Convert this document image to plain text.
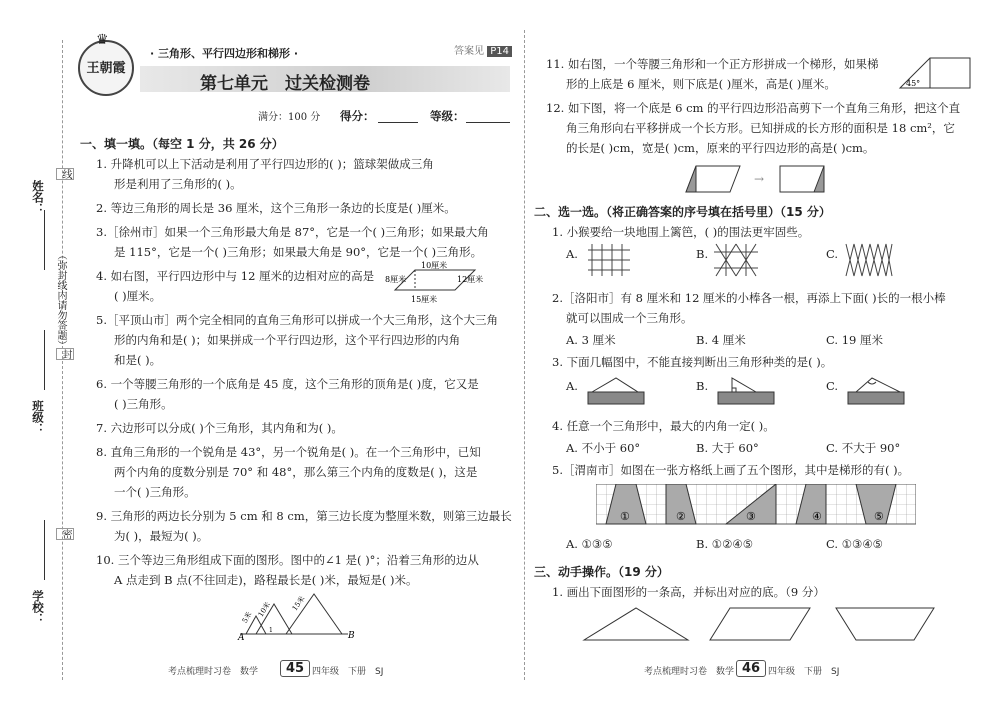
姓名：
（弥封线内请勿答题）
线
封
密
班级：
学校：
♛
王朝霞
· 三角形、平行四边形和梯形 ·	答案见 P14
第七单元　过关检测卷
满分：100 分 得分：	等级：
一、填一填。（每空 1 分，共 26 分）
1. 升降机可以上下活动是利用了平行四边形的( )；篮球架做成三角
形是利用了三角形的( )。
2. 等边三角形的周长是 36 厘米，这个三角形一条边的长度是( )厘米。
3.［徐州市］如果一个三角形最大角是 87°，它是一个( )三角形；如果最大角
是 115°，它是一个( )三角形；如果最大角是 90°，它是一个( )三角形。
4. 如右图，平行四边形中与 12 厘米的边相对应的高是
( )厘米。
10厘米
8厘米	12厘米
15厘米
5.［平顶山市］两个完全相同的直角三角形可以拼成一个大三角形，这个大三角
形的内角和是( )；如果拼成一个平行四边形，这个平行四边形的内角
和是( )。
6. 一个等腰三角形的一个底角是 45 度，这个三角形的顶角是( )度，它又是
( )三角形。
7. 六边形可以分成( )个三角形，其内角和为( )。
8. 直角三角形的一个锐角是 43°，另一个锐角是( )。在一个三角形中，已知
两个内角的度数分别是 70° 和 48°，那么第三个内角的度数是( )，这是
一个( )三角形。
9. 三角形的两边长分别为 5 cm 和 8 cm，第三边长度为整厘米数，则第三边最长
为( )，最短为( )。
10. 三个等边三角形组成下面的图形。图中的∠1 是( )°；沿着三角形的边从
A 点走到 B 点(不往回走)，路程最长是( )米，最短是( )米。
A	B
5米 10米	15米
1
考点梳理时习卷　数学	45 四年级　下册　SJ
11. 如右图，一个等腰三角形和一个正方形拼成一个梯形，如果梯
形的上底是 6 厘米，则下底是( )厘米，高是( )厘米。	45°
12. 如下图，将一个底是 6 cm 的平行四边形沿高剪下一个直角三角形，把这个直
角三角形向右平移拼成一个长方形。已知拼成的长方形的面积是 18 cm²，它
的长是( )cm，宽是( )cm，原来的平行四边形的高是( )cm。
→
二、选一选。（将正确答案的序号填在括号里）（15 分）
1. 小猴要给一块地围上篱笆，( )的围法更牢固些。
A.	B.	C.
2.［洛阳市］有 8 厘米和 12 厘米的小棒各一根，再添上下面( )长的一根小棒
就可以围成一个三角形。
A. 3 厘米	B. 4 厘米	C. 19 厘米
3. 下面几幅图中，不能直接判断出三角形种类的是( )。
A.	B.	C.
4. 任意一个三角形中，最大的内角一定( )。
A. 不小于 60°	B. 大于 60°	C. 不大于 90°
5.［渭南市］如图在一张方格纸上画了五个图形，其中是梯形的有( )。
①	②	③	④	⑤
A. ①③⑤	B. ①②④⑤	C. ①③④⑤
三、动手操作。（19 分）
1. 画出下面图形的一条高，并标出对应的底。（9 分）
考点梳理时习卷　数学 46 四年级　下册　SJ
